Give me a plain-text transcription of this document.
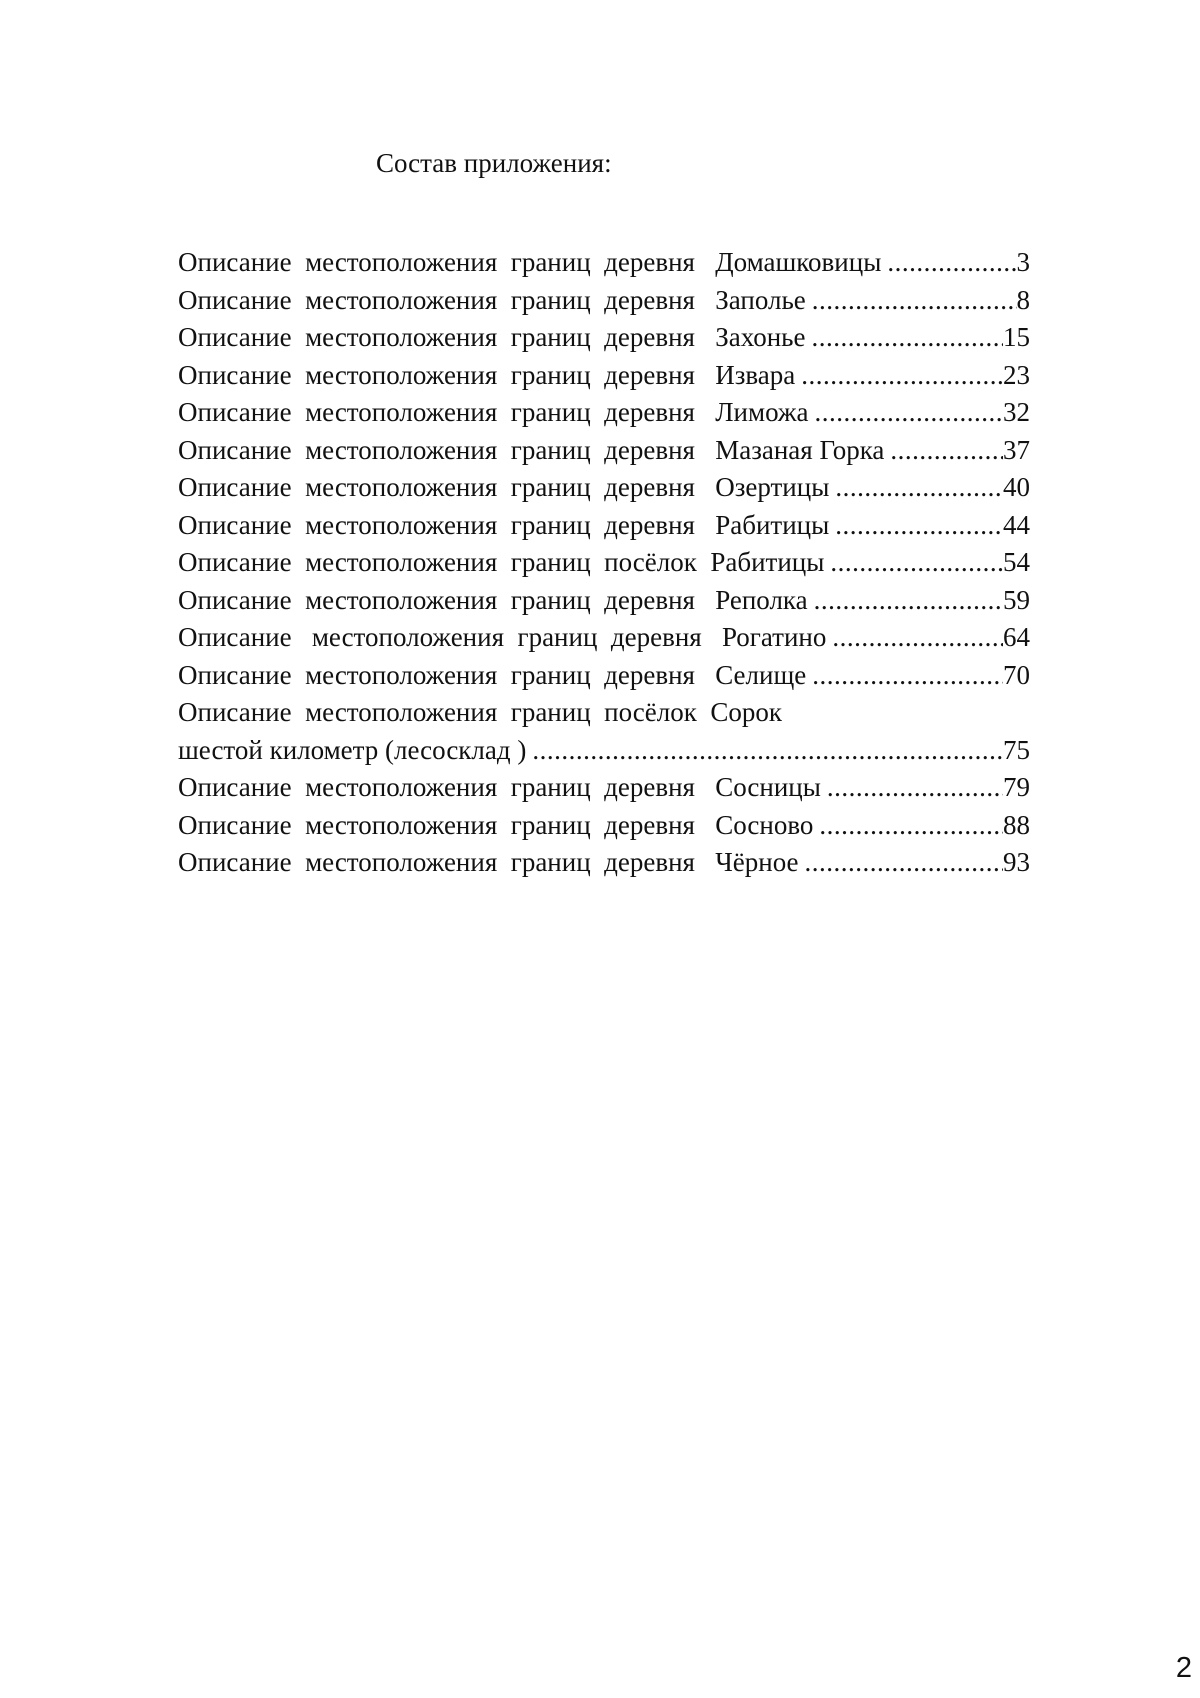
Состав приложения:
Описание  местоположения  границ  деревня   Домашковицы .....	3
Описание  местоположения  границ  деревня   Заполье .....	8
Описание  местоположения  границ  деревня   Захонье .....	15
Описание  местоположения  границ  деревня   Извара .....	23
Описание  местоположения  границ  деревня   Лиможа .....	32
Описание  местоположения  границ  деревня   Мазаная Горка .....	37
Описание  местоположения  границ  деревня   Озертицы .....	40
Описание  местоположения  границ  деревня   Рабитицы .....	44
Описание  местоположения  границ  посёлок  Рабитицы .....	54
Описание  местоположения  границ  деревня   Реполка .....	59
Описание   местоположения  границ  деревня   Рогатино .....	64
Описание  местоположения  границ  деревня   Селище .....	70
Описание  местоположения  границ  посёлок  Сорок
шестой километр (лесосклад ) .....	75
Описание  местоположения  границ  деревня   Сосницы .....	79
Описание  местоположения  границ  деревня   Сосново .....	88
Описание  местоположения  границ  деревня   Чёрное .....	93
2
